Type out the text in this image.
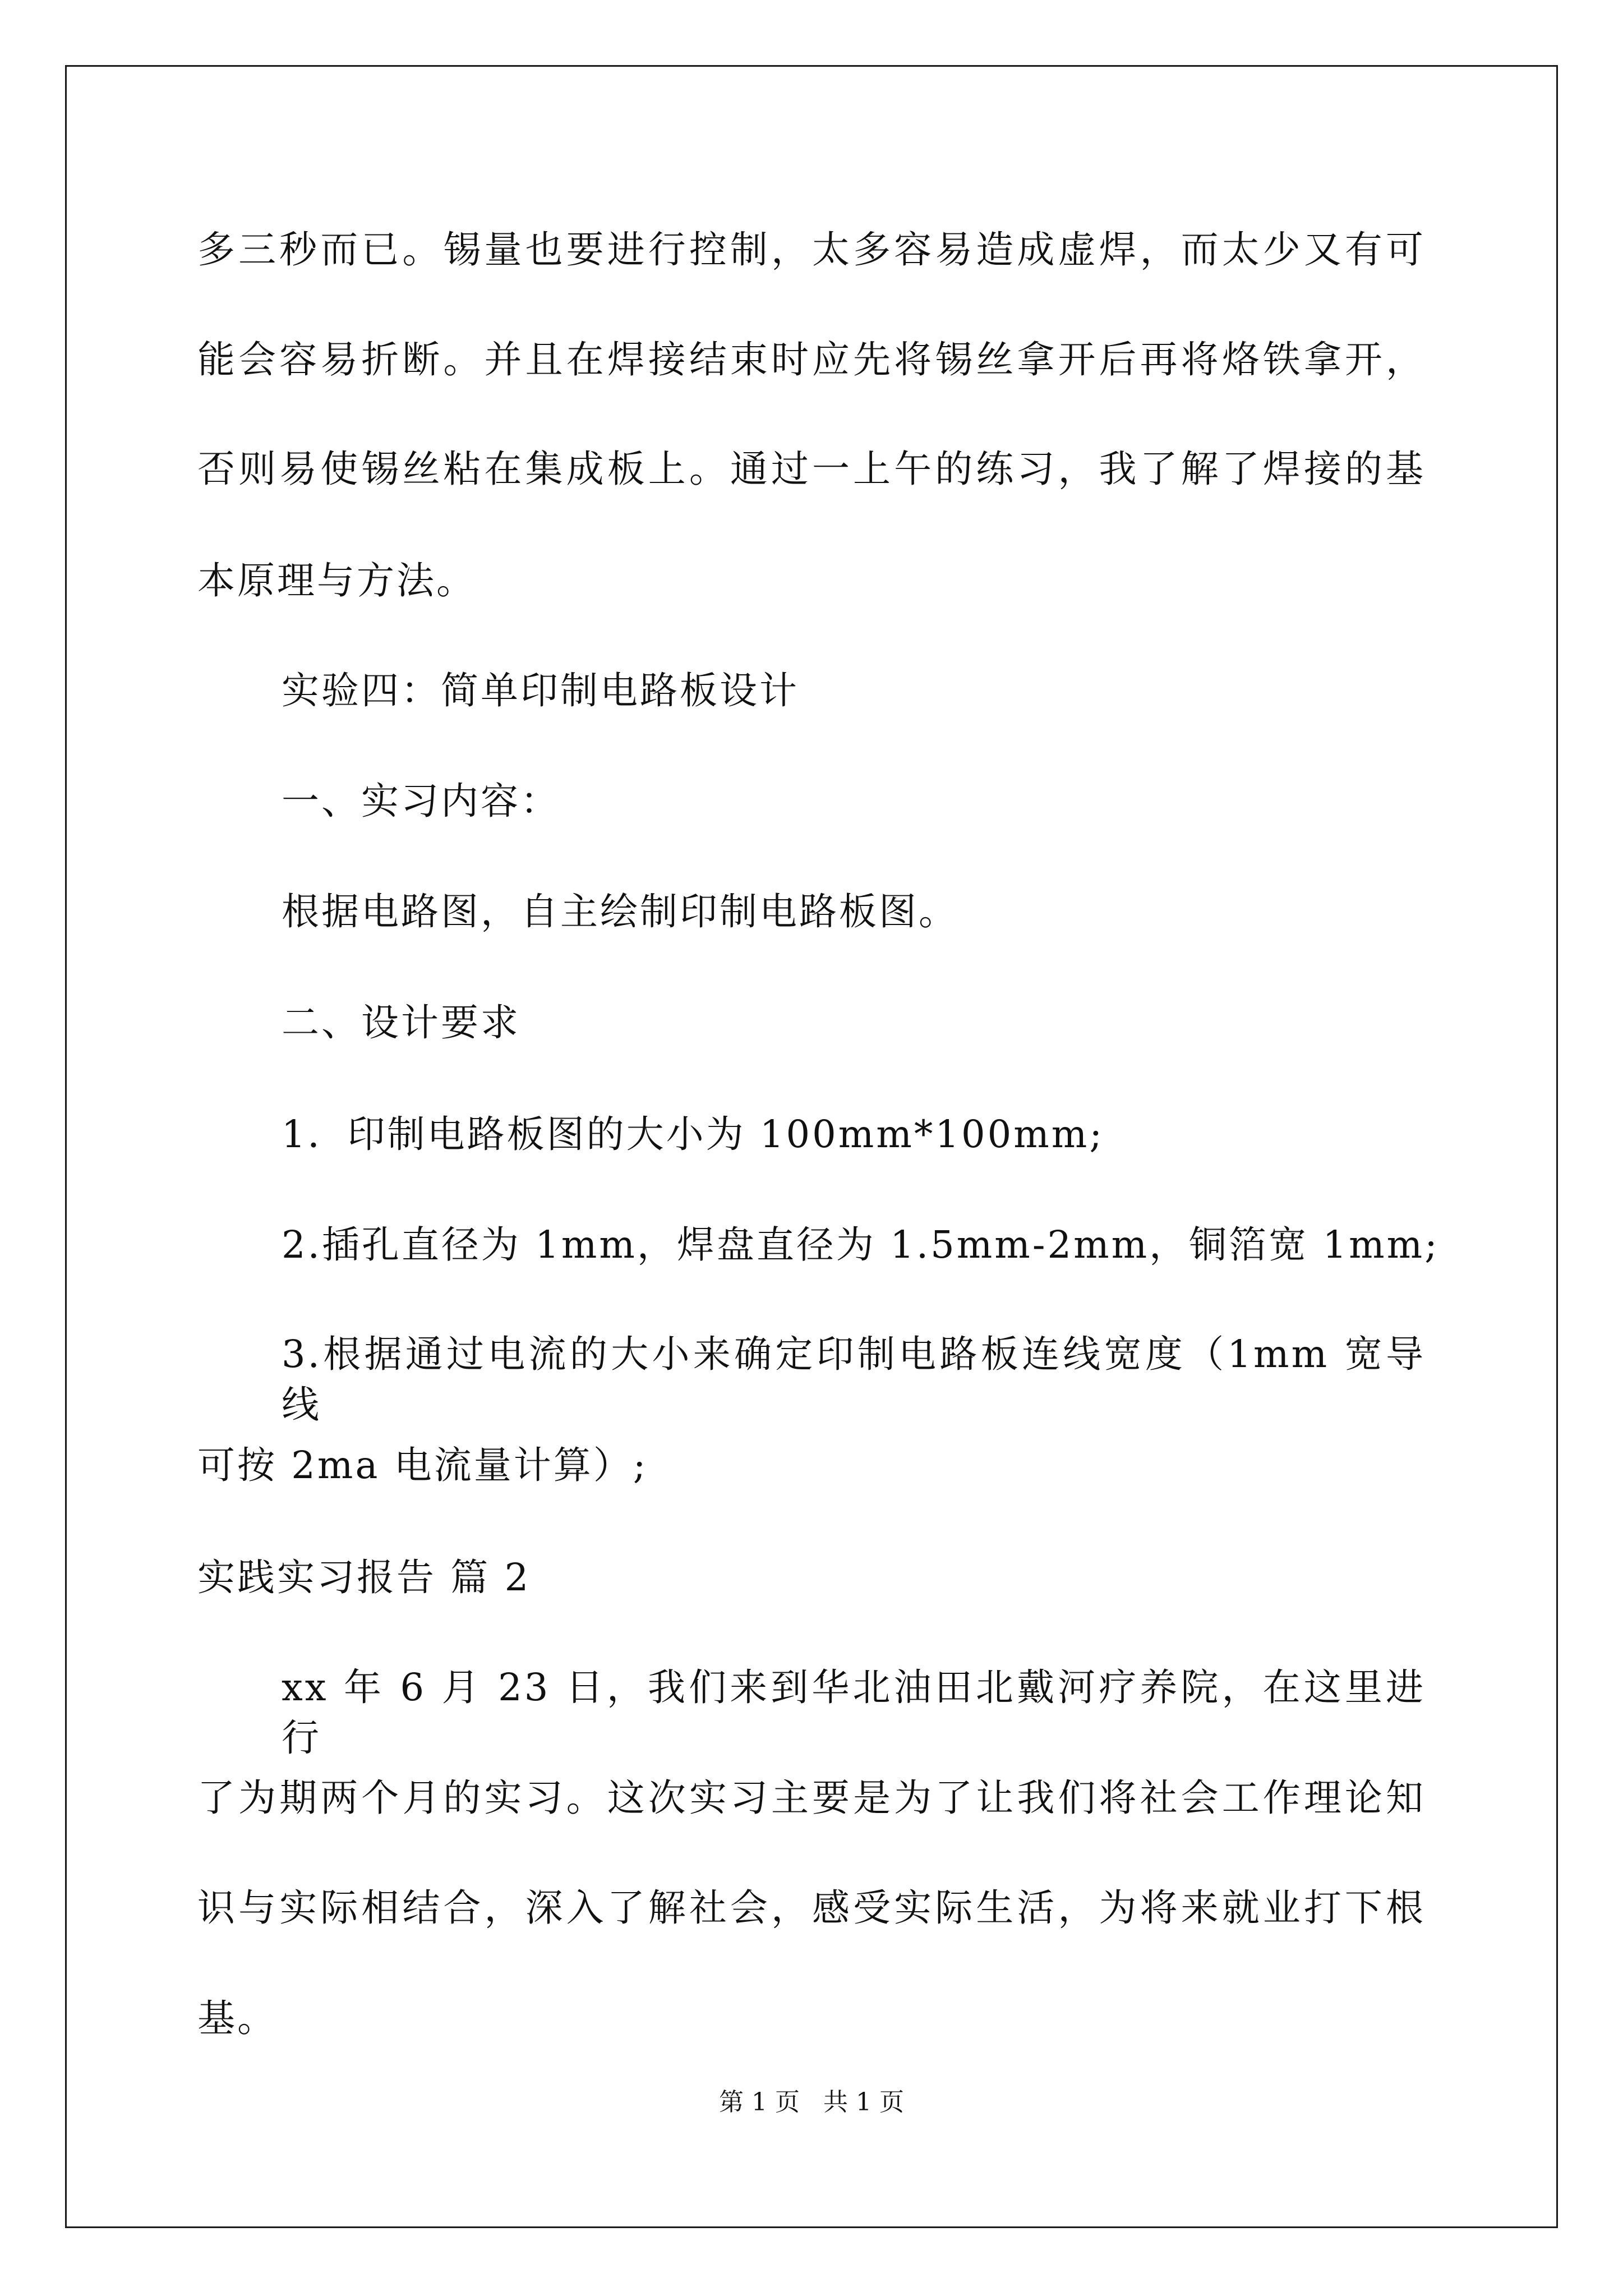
多三秒而已。锡量也要进行控制，太多容易造成虚焊，而太少又有可
能会容易折断。并且在焊接结束时应先将锡丝拿开后再将烙铁拿开，
否则易使锡丝粘在集成板上。通过一上午的练习，我了解了焊接的基
本原理与方法。
实验四：简单印制电路板设计
一、实习内容：
根据电路图，自主绘制印制电路板图。
二、设计要求
1．印制电路板图的大小为 100mm*100mm;
2.插孔直径为 1mm，焊盘直径为 1.5mm-2mm，铜箔宽 1mm;
3.根据通过电流的大小来确定印制电路板连线宽度（1mm 宽导线
可按 2ma 电流量计算）;
实践实习报告 篇 2
xx 年 6 月 23 日，我们来到华北油田北戴河疗养院，在这里进行
了为期两个月的实习。这次实习主要是为了让我们将社会工作理论知
识与实际相结合，深入了解社会，感受实际生活，为将来就业打下根
基。
第 1 页 共 1 页
